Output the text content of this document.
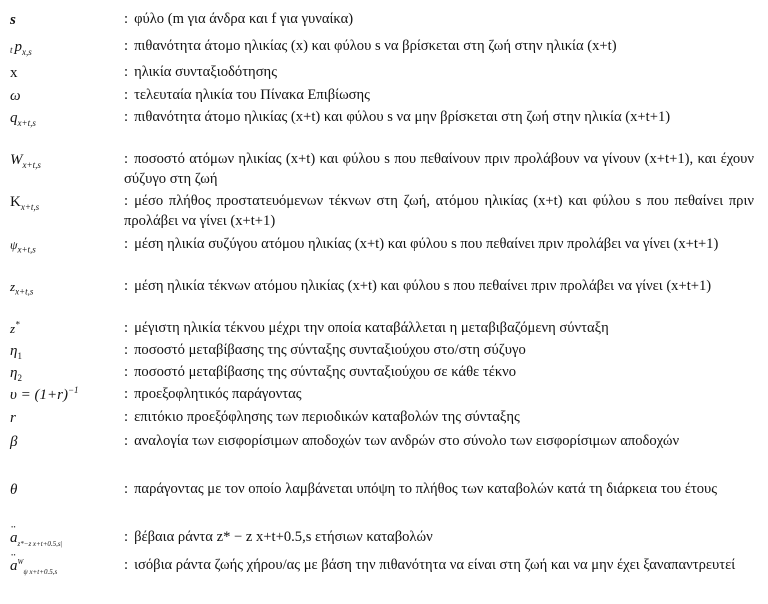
s	: φύλο (m για άνδρα και f για γυναίκα)
t $p_{x,s}$	: πιθανότητα άτομο ηλικίας (x) και φύλου s να βρίσκεται στη ζωή στην ηλικία (x+t)
x	: ηλικία συνταξιοδότησης
ω	: τελευταία ηλικία του Πίνακα Επιβίωσης
$q_{x+t,s}$	: πιθανότητα άτομο ηλικίας (x+t) και φύλου s να μην βρίσκεται στη ζωή στην ηλικία (x+t+1)
$W_{x+t,s}$	: ποσοστό ατόμων ηλικίας (x+t) και φύλου s που πεθαίνουν πριν προλάβουν να γίνουν (x+t+1), και έχουν σύζυγο στη ζωή
$K_{x+t,s}$	: μέσο πλήθος προστατευόμενων τέκνων στη ζωή, ατόμου ηλικίας (x+t) και φύλου s που πεθαίνει πριν προλάβει να γίνει (x+t+1)
$\psi_{x+t,s}$	: μέση ηλικία συζύγου ατόμου ηλικίας (x+t) και φύλου s που πεθαίνει πριν προλάβει να γίνει (x+t+1)
$z_{x+t,s}$	: μέση ηλικία τέκνων ατόμου ηλικίας (x+t) και φύλου s που πεθαίνει πριν προλάβει να γίνει (x+t+1)
z*	: μέγιστη ηλικία τέκνου μέχρι την οποία καταβάλλεται η μεταβιβαζόμενη σύνταξη
$\eta_1$	: ποσοστό μεταβίβασης της σύνταξης συνταξιούχου στο/στη σύζυγο
$\eta_2$	: ποσοστό μεταβίβασης της σύνταξης συνταξιούχου σε κάθε τέκνο
$\upsilon = (1+r)^{-1}$	: προεξοφλητικός παράγοντας
r	: επιτόκιο προεξόφλησης των περιοδικών καταβολών της σύνταξης
β	: αναλογία των εισφορίσιμων αποδοχών των ανδρών στο σύνολο των εισφορίσιμων αποδοχών
θ	: παράγοντας με τον οποίο λαμβάνεται υπόψη το πλήθος των καταβολών κατά τη διάρκεια του έτους
¨ $a_{z*-z x+t+0.5,s|}$	: βέβαια ράντα z* − z x+t+0.5,s ετήσιων καταβολών
¨ $a^W_{\psi x+t+0.5,s}$	: ισόβια ράντα ζωής χήρου/ας με βάση την πιθανότητα να είναι στη ζωή και να μην έχει ξαναπαντρευτεί
